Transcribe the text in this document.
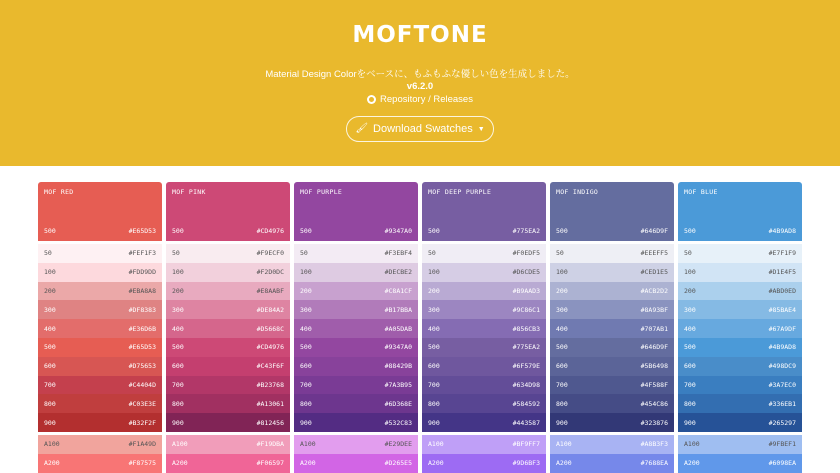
MOFTONE
Material Design Colorをベースに、もふもふな優しい色を生成しました。
v6.2.0
Repository / Releases
🖌 Download Swatches ▼
MOF RED
500	#E65D53
50	#FEF1F3
100	#FDD9DD
200	#EBA8A8
300	#DF8383
400	#E36D6B
500	#E65D53
600	#D75653
700	#C4404D
800	#C03E3E
900	#B32F2F
A100	#F1A49D
A200	#F87575
MOF PINK
500	#CD4976
50	#F9ECF0
100	#F2D0DC
200	#E8AABF
300	#DE84A2
400	#D5668C
500	#CD4976
600	#C43F6F
700	#B23768
800	#A13061
900	#812456
A100	#F19DBA
A200	#F06597
MOF PURPLE
500	#9347A0
50	#F3EBF4
100	#DECBE2
200	#C8A1CF
300	#B17BBA
400	#A05DAB
500	#9347A0
600	#88429B
700	#7A3B95
800	#6D368E
900	#532C83
A100	#E29DEE
A200	#D265E5
MOF DEEP PURPLE
500	#775EA2
50	#F0EDF5
100	#D6CDE5
200	#B9AAD3
300	#9C86C1
400	#856CB3
500	#775EA2
600	#6F579E
700	#634D98
800	#584592
900	#443587
A100	#BF9FF7
A200	#9D6BF3
MOF INDIGO
500	#646D9F
50	#EEEFF5
100	#CED1E5
200	#ACB2D2
300	#8A93BF
400	#707AB1
500	#646D9F
600	#5B6498
700	#4F588F
800	#454C86
900	#323876
A100	#A8B3F3
A200	#7688EA
MOF BLUE
500	#4B9AD8
50	#E7F1F9
100	#D1E4F5
200	#ABD0ED
300	#85BAE4
400	#67A9DF
500	#4B9AD8
600	#498DC9
700	#3A7EC0
800	#336EB1
900	#265297
A100	#9FBEF1
A200	#6098EA
